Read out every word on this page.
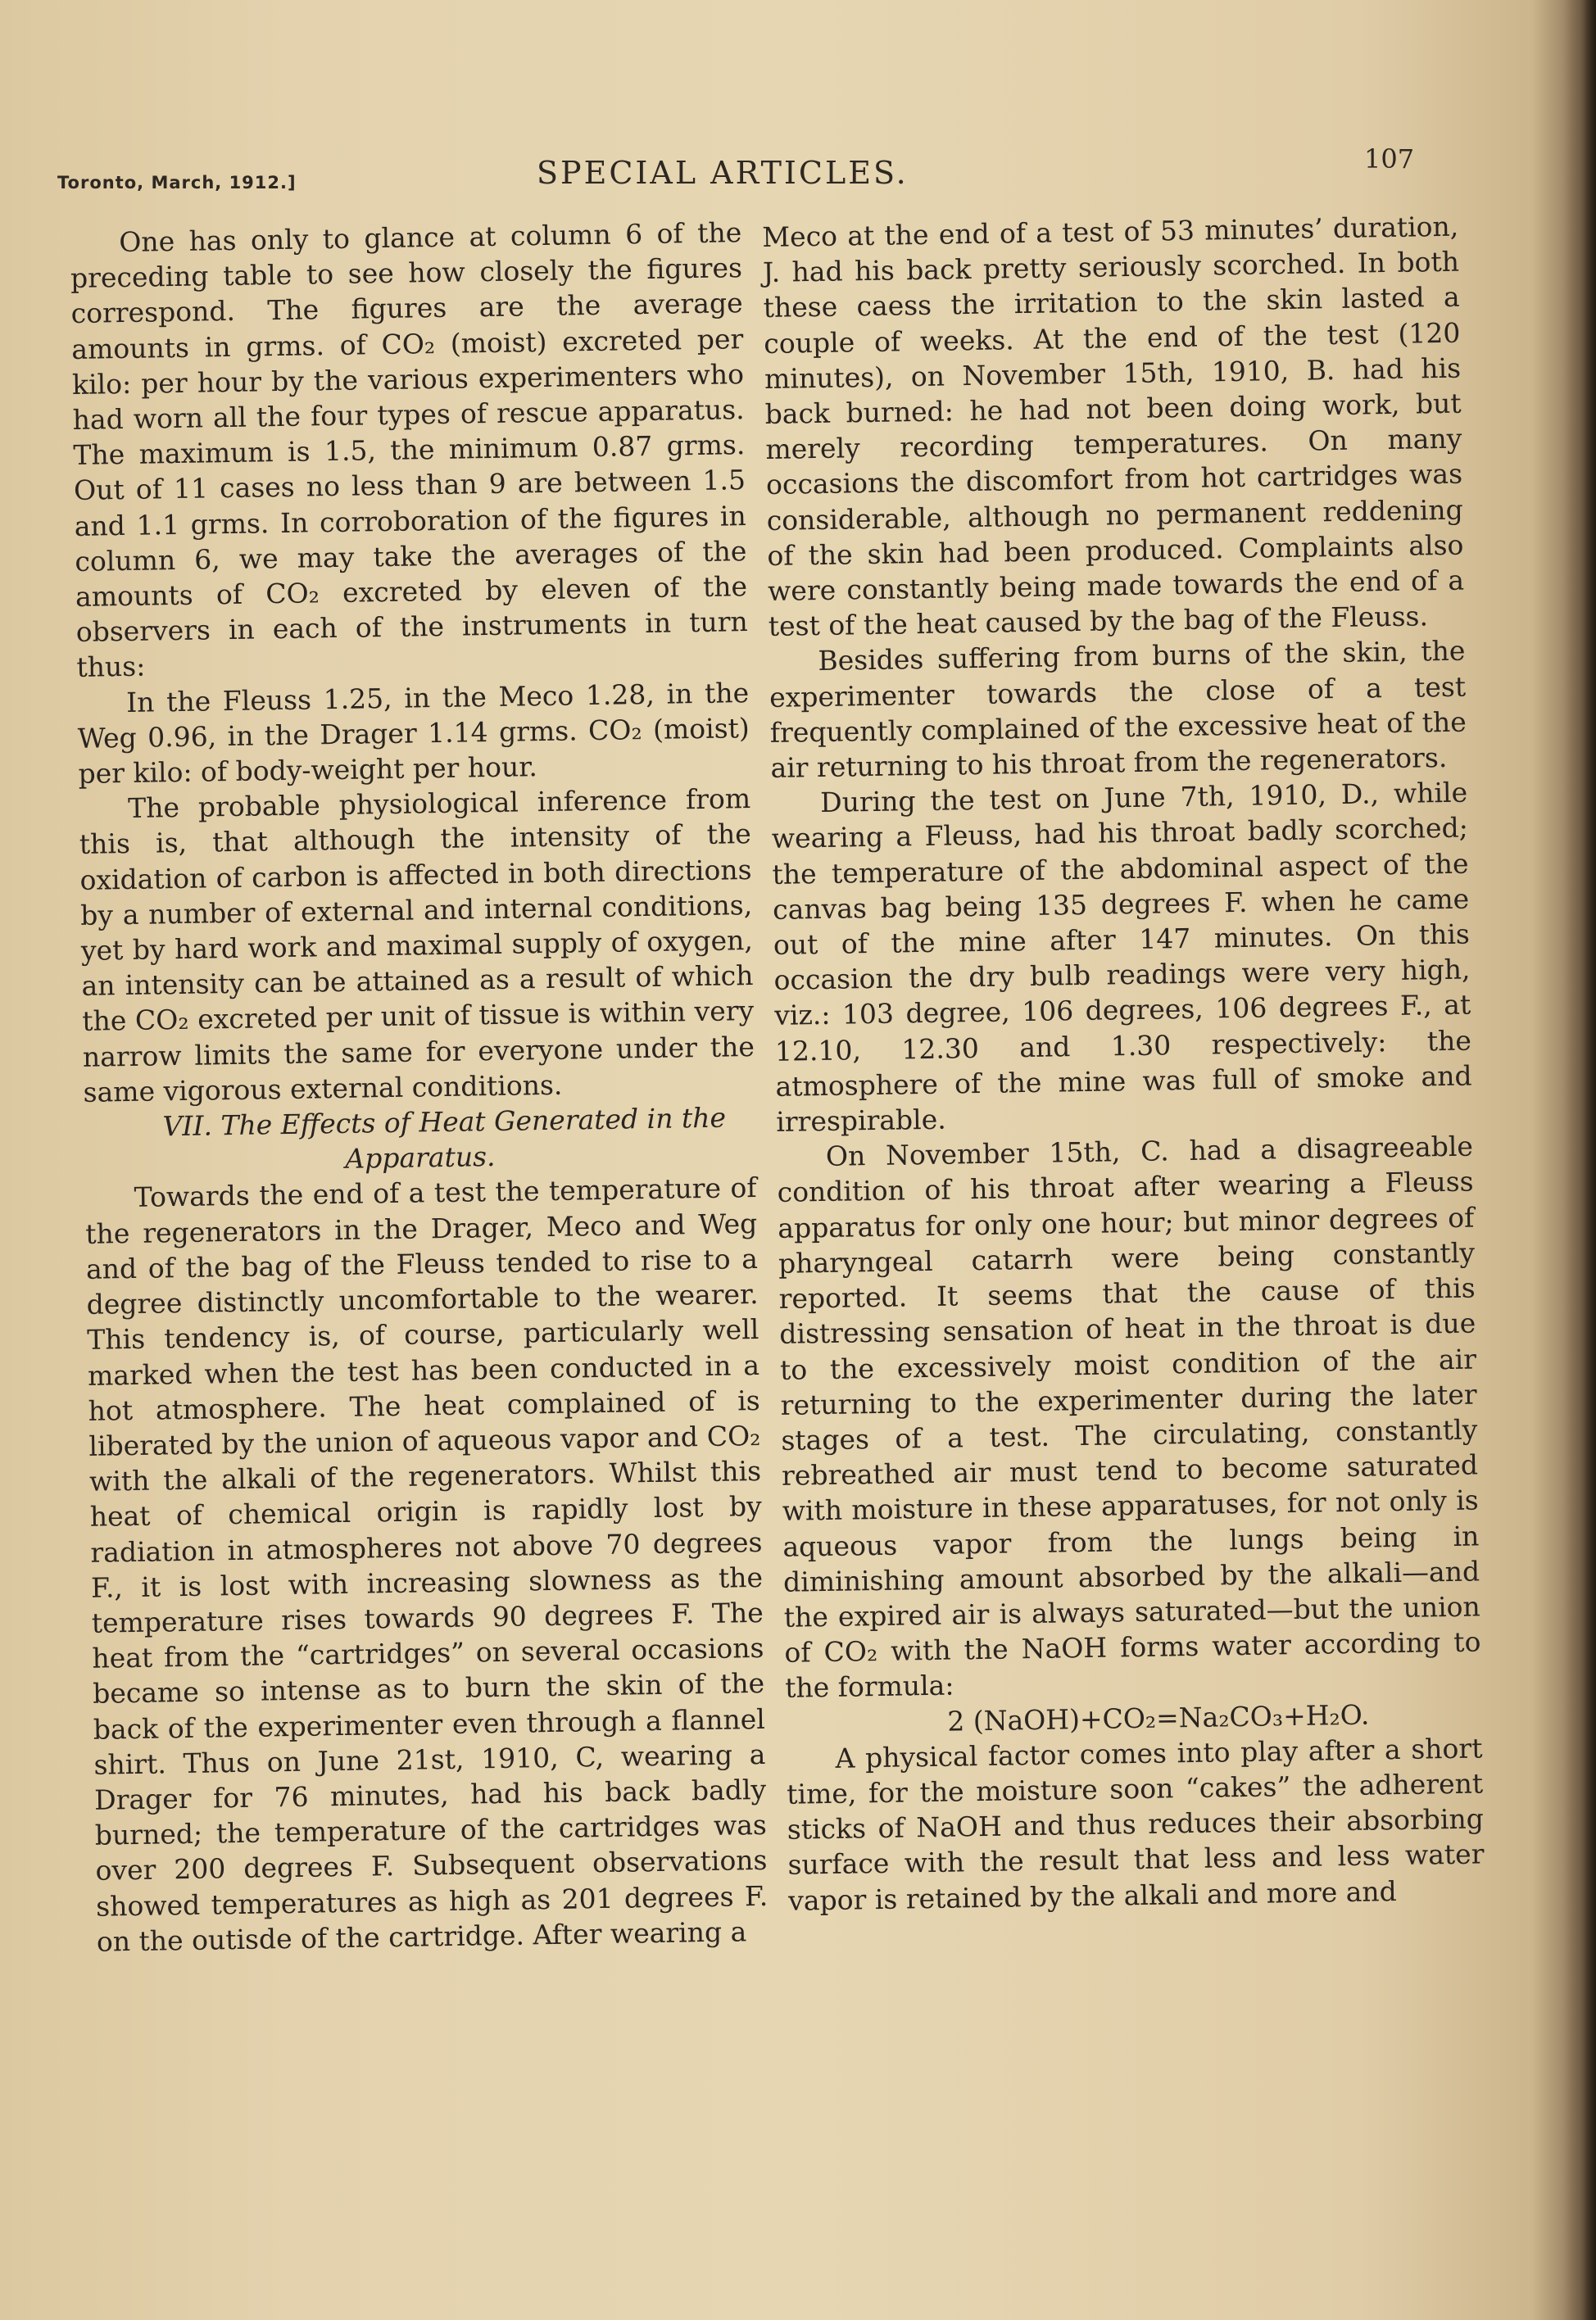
Toronto, March, 1912.]	SPECIAL ARTICLES.	107

One has only to glance at column 6 of the preceding table to see how closely the figures correspond. The figures are the average amounts in grms. of CO₂ (moist) excreted per kilo: per hour by the various experimenters who had worn all the four types of rescue apparatus. The maximum is 1.5, the minimum 0.87 grms. Out of 11 cases no less than 9 are between 1.5 and 1.1 grms. In corroboration of the figures in column 6, we may take the averages of the amounts of CO₂ excreted by eleven of the observers in each of the instruments in turn thus:

In the Fleuss 1.25, in the Meco 1.28, in the Weg 0.96, in the Drager 1.14 grms. CO₂ (moist) per kilo: of body-weight per hour.

The probable physiological inference from this is, that although the intensity of the oxidation of carbon is affected in both directions by a number of external and internal conditions, yet by hard work and maximal supply of oxygen, an intensity can be attained as a result of which the CO₂ excreted per unit of tissue is within very narrow limits the same for everyone under the same vigorous external conditions.

VII. The Effects of Heat Generated in the Apparatus.

Towards the end of a test the temperature of the regenerators in the Drager, Meco and Weg and of the bag of the Fleuss tended to rise to a degree distinctly uncomfortable to the wearer. This tendency is, of course, particularly well marked when the test has been conducted in a hot atmosphere. The heat complained of is liberated by the union of aqueous vapor and CO₂ with the alkali of the regenerators. Whilst this heat of chemical origin is rapidly lost by radiation in atmospheres not above 70 degrees F., it is lost with increasing slowness as the temperature rises towards 90 degrees F. The heat from the “cartridges” on several occasions became so intense as to burn the skin of the back of the experimenter even through a flannel shirt. Thus on June 21st, 1910, C, wearing a Drager for 76 minutes, had his back badly burned; the temperature of the cartridges was over 200 degrees F. Subsequent observations showed temperatures as high as 201 degrees F. on the outisde of the cartridge. After wearing a

Meco at the end of a test of 53 minutes’ duration, J. had his back pretty seriously scorched. In both these caess the irritation to the skin lasted a couple of weeks. At the end of the test (120 minutes), on November 15th, 1910, B. had his back burned: he had not been doing work, but merely recording temperatures. On many occasions the discomfort from hot cartridges was considerable, although no permanent reddening of the skin had been produced. Complaints also were constantly being made towards the end of a test of the heat caused by the bag of the Fleuss.

Besides suffering from burns of the skin, the experimenter towards the close of a test frequently complained of the excessive heat of the air returning to his throat from the regenerators.

During the test on June 7th, 1910, D., while wearing a Fleuss, had his throat badly scorched; the temperature of the abdominal aspect of the canvas bag being 135 degrees F. when he came out of the mine after 147 minutes. On this occasion the dry bulb readings were very high, viz.: 103 degree, 106 degrees, 106 degrees F., at 12.10, 12.30 and 1.30 respectively: the atmosphere of the mine was full of smoke and irrespirable.

On November 15th, C. had a disagreeable condition of his throat after wearing a Fleuss apparatus for only one hour; but minor degrees of pharyngeal catarrh were being constantly reported. It seems that the cause of this distressing sensation of heat in the throat is due to the excessively moist condition of the air returning to the experimenter during the later stages of a test. The circulating, constantly rebreathed air must tend to become saturated with moisture in these apparatuses, for not only is aqueous vapor from the lungs being in diminishing amount absorbed by the alkali—and the expired air is always saturated—but the union of CO₂ with the NaOH forms water according to the formula:

2 (NaOH)+CO₂=Na₂CO₃+H₂O.

A physical factor comes into play after a short time, for the moisture soon “cakes” the adherent sticks of NaOH and thus reduces their absorbing surface with the result that less and less water vapor is retained by the alkali and more and
